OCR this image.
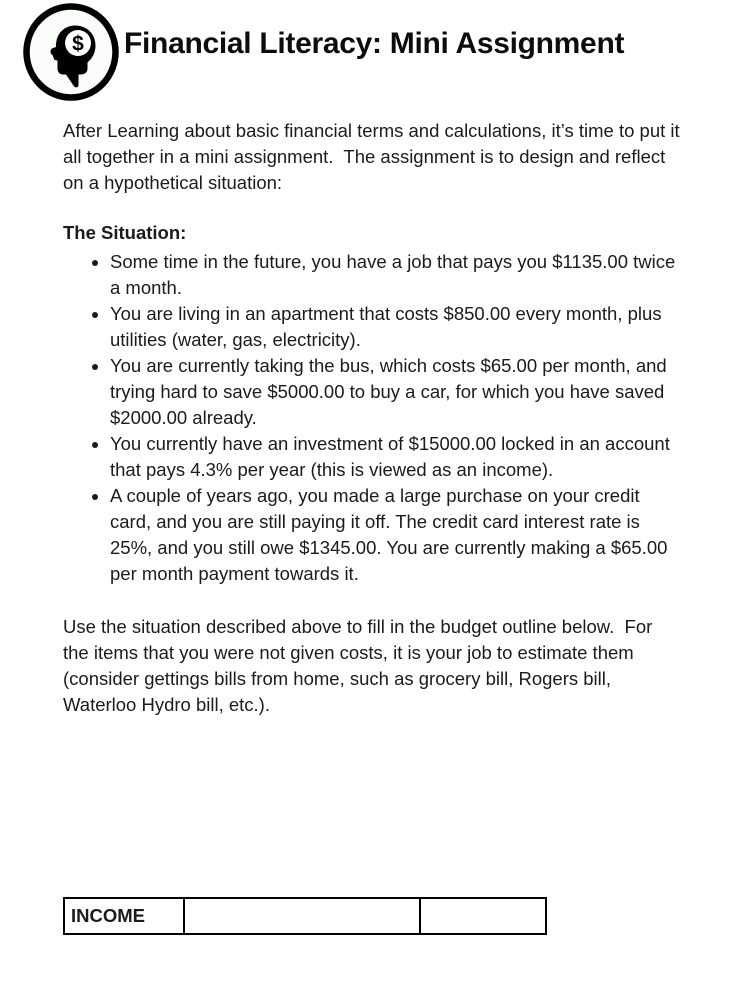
$ Financial Literacy: Mini Assignment

After Learning about basic financial terms and calculations, it’s time to put it all together in a mini assignment.  The assignment is to design and reflect on a hypothetical situation:

The Situation:
• Some time in the future, you have a job that pays you $1135.00 twice a month.
• You are living in an apartment that costs $850.00 every month, plus utilities (water, gas, electricity).
• You are currently taking the bus, which costs $65.00 per month, and trying hard to save $5000.00 to buy a car, for which you have saved $2000.00 already.
• You currently have an investment of $15000.00 locked in an account that pays 4.3% per year (this is viewed as an income).
• A couple of years ago, you made a large purchase on your credit card, and you are still paying it off. The credit card interest rate is 25%, and you still owe $1345.00. You are currently making a $65.00 per month payment towards it.

Use the situation described above to fill in the budget outline below.  For the items that you were not given costs, it is your job to estimate them (consider gettings bills from home, such as grocery bill, Rogers bill, Waterloo Hydro bill, etc.).

INCOME		
